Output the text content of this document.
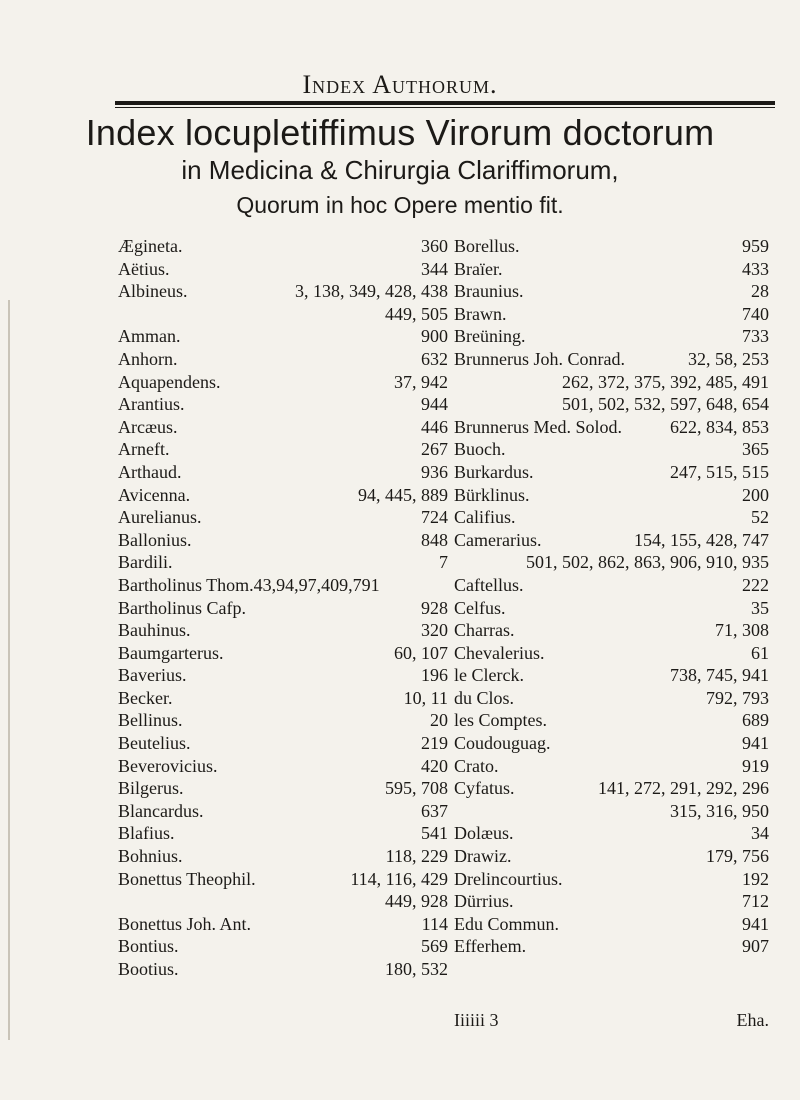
Index Authorum.
Index locupletiffimus Virorum doctorum
in Medicina & Chirurgia Clariffimorum,
Quorum in hoc Opere mentio fit.
Ægineta.	360
Aëtius.	344
Albineus.	3, 138, 349, 428, 438
449, 505
Amman.	900
Anhorn.	632
Aquapendens.	37, 942
Arantius.	944
Arcæus.	446
Arneft.	267
Arthaud.	936
Avicenna.	94, 445, 889
Aurelianus.	724
Ballonius.	848
Bardili.	7
Bartholinus Thom.43,94,97,409,791
Bartholinus Cafp.	928
Bauhinus.	320
Baumgarterus.	60, 107
Baverius.	196
Becker.	10, 11
Bellinus.	20
Beutelius.	219
Beverovicius.	420
Bilgerus.	595, 708
Blancardus.	637
Blafius.	541
Bohnius.	118, 229
Bonettus Theophil.	114, 116, 429
449, 928
Bonettus Joh. Ant.	114
Bontius.	569
Bootius.	180, 532
Borellus.	959
Braïer.	433
Braunius.	28
Brawn.	740
Breüning.	733
Brunnerus Joh. Conrad.	32, 58, 253
262, 372, 375, 392, 485, 491
501, 502, 532, 597, 648, 654
Brunnerus Med. Solod.	622, 834, 853
Buoch.	365
Burkardus.	247, 515, 515
Bürklinus.	200
Califius.	52
Camerarius.	154, 155, 428, 747
501, 502, 862, 863, 906, 910, 935
Caftellus.	222
Celfus.	35
Charras.	71, 308
Chevalerius.	61
le Clerck.	738, 745, 941
du Clos.	792, 793
les Comptes.	689
Coudouguag.	941
Crato.	919
Cyfatus.	141, 272, 291, 292, 296
315, 316, 950
Dolæus.	34
Drawiz.	179, 756
Drelincourtius.	192
Dürrius.	712
Edu Commun.	941
Efferhem.	907
Iiiiii 3	Eha.
